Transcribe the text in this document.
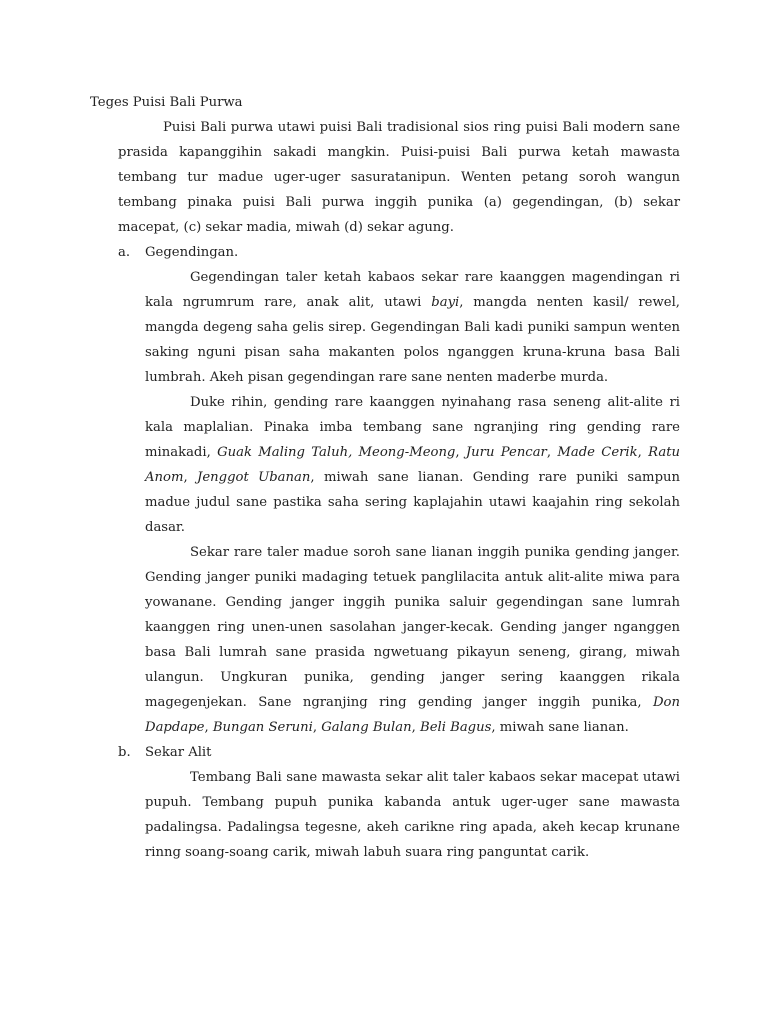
Teges Puisi Bali Purwa

Puisi Bali purwa utawi puisi Bali tradisional sios ring puisi Bali modern sane prasida kapanggihin sakadi mangkin. Puisi-puisi Bali purwa ketah mawasta tembang tur madue uger-uger sasuratanipun. Wenten petang soroh wangun tembang pinaka puisi Bali purwa inggih punika (a) gegendingan, (b) sekar macepat, (c) sekar madia, miwah (d) sekar agung.

a. Gegendingan.

Gegendingan taler ketah kabaos sekar rare kaanggen magendingan ri kala ngrumrum rare, anak alit, utawi bayi, mangda nenten kasil/ rewel, mangda degeng saha gelis sirep. Gegendingan Bali kadi puniki sampun wenten saking nguni pisan saha makanten polos nganggen kruna-kruna basa Bali lumbrah. Akeh pisan gegendingan rare sane nenten maderbe murda.

Duke rihin, gending rare kaanggen nyinahang rasa seneng alit-alite ri kala maplalian. Pinaka imba tembang sane ngranjing ring gending rare minakadi, Guak Maling Taluh, Meong-Meong, Juru Pencar, Made Cerik, Ratu Anom, Jenggot Ubanan, miwah sane lianan. Gending rare puniki sampun madue judul sane pastika saha sering kaplajahin utawi kaajahin ring sekolah dasar.

Sekar rare taler madue soroh sane lianan inggih punika gending janger. Gending janger puniki madaging tetuek panglilacita antuk alit-alite miwa para yowanane. Gending janger inggih punika saluir gegendingan sane lumrah kaanggen ring unen-unen sasolahan janger-kecak. Gending janger nganggen basa Bali lumrah sane prasida ngwetuang pikayun seneng, girang, miwah ulangun. Ungkuran punika, gending janger sering kaanggen rikala magegenjekan. Sane ngranjing ring gending janger inggih punika, Don Dapdape, Bungan Seruni, Galang Bulan, Beli Bagus, miwah sane lianan.

b. Sekar Alit

Tembang Bali sane mawasta sekar alit taler kabaos sekar macepat utawi pupuh. Tembang pupuh punika kabanda antuk uger-uger sane mawasta padalingsa. Padalingsa tegesne, akeh carikne ring apada, akeh kecap krunane rinng soang-soang carik, miwah labuh suara ring panguntat carik.
